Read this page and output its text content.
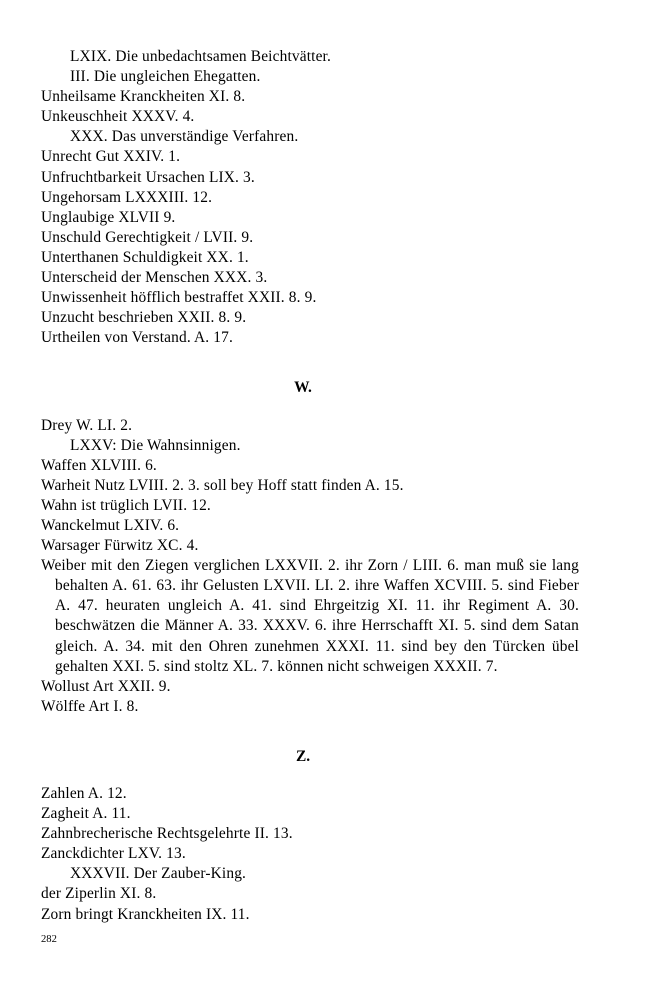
LXIX. Die unbedachtsamen Beichtvätter.
III. Die ungleichen Ehegatten.
Unheilsame Kranckheiten XI. 8.
Unkeuschheit XXXV. 4.
XXX. Das unverständige Verfahren.
Unrecht Gut XXIV. 1.
Unfruchtbarkeit Ursachen LIX. 3.
Ungehorsam LXXXIII. 12.
Unglaubige XLVII 9.
Unschuld Gerechtigkeit / LVII. 9.
Unterthanen Schuldigkeit XX. 1.
Unterscheid der Menschen XXX. 3.
Unwissenheit höfflich bestraffet XXII. 8. 9.
Unzucht beschrieben XXII. 8. 9.
Urtheilen von Verstand. A. 17.
W.
Drey W. LI. 2.
LXXV: Die Wahnsinnigen.
Waffen XLVIII. 6.
Warheit Nutz LVIII. 2. 3. soll bey Hoff statt finden A. 15.
Wahn ist trüglich LVII. 12.
Wanckelmut LXIV. 6.
Warsager Fürwitz XC. 4.
Weiber mit den Ziegen verglichen LXXVII. 2. ihr Zorn / LIII. 6. man muß sie lang behalten A. 61. 63. ihr Gelusten LXVII. LI. 2. ihre Waffen XCVIII. 5. sind Fieber A. 47. heuraten ungleich A. 41. sind Ehrgeitzig XI. 11. ihr Regiment A. 30. beschwätzen die Männer A. 33. XXXV. 6. ihre Herrschafft XI. 5. sind dem Satan gleich. A. 34. mit den Ohren zunehmen XXXI. 11. sind bey den Türcken übel gehalten XXI. 5. sind stoltz XL. 7. können nicht schweigen XXXII. 7.
Wollust Art XXII. 9.
Wölffe Art I. 8.
Z.
Zahlen A. 12.
Zagheit A. 11.
Zahnbrecherische Rechtsgelehrte II. 13.
Zanckdichter LXV. 13.
XXXVII. Der Zauber-King.
der Ziperlin XI. 8.
Zorn bringt Kranckheiten IX. 11.
282
